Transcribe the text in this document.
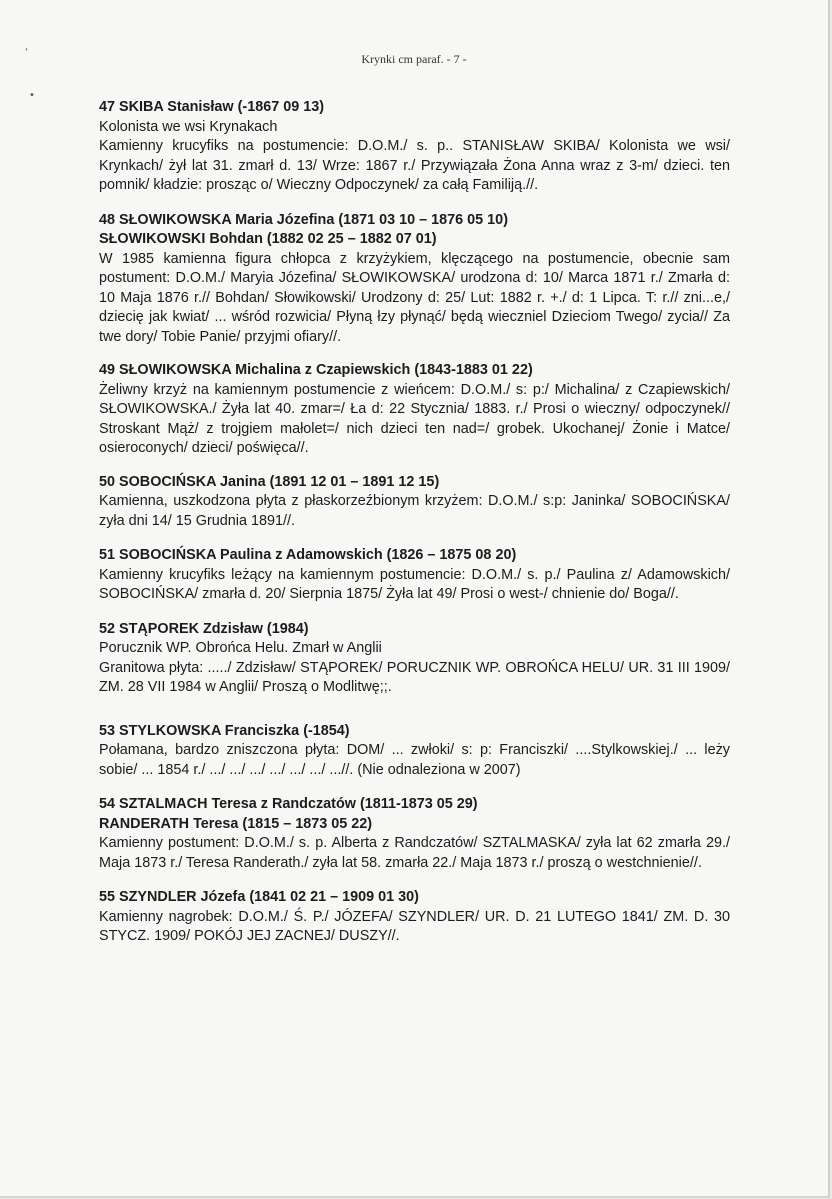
‘
•
Krynki cm paraf. - 7 -

47 SKIBA Stanisław (-1867 09 13)

Kolonista we wsi Krynakach

Kamienny krucyfiks na postumencie: D.O.M./ s. p.. STANISŁAW SKIBA/ Kolonista we wsi/ Krynkach/ żył lat 31. zmarł d. 13/ Wrze: 1867 r./ Przywiązała Żona Anna wraz z 3-m/ dzieci. ten pomnik/ kładzie: prosząc o/ Wieczny Odpoczynek/ za całą Familiją.//.

48 SŁOWIKOWSKA Maria Józefina (1871 03 10 – 1876 05 10)

SŁOWIKOWSKI Bohdan (1882 02 25 – 1882 07 01)

W 1985 kamienna figura chłopca z krzyżykiem, klęczącego na postumencie, obecnie sam postument: D.O.M./ Maryia Józefina/ SŁOWIKOWSKA/ urodzona d: 10/ Marca 1871 r./ Zmarła d: 10 Maja 1876 r.// Bohdan/ Słowikowski/ Urodzony d: 25/ Lut: 1882 r. +./ d: 1 Lipca. T: r.// zni...e,/ dziecię jak kwiat/ ... wśród rozwicia/ Płyną łzy płynąć/ będą wieczniel Dzieciom Twego/ zycia// Za twe dory/ Tobie Panie/ przyjmi ofiary//.

49 SŁOWIKOWSKA Michalina z Czapiewskich (1843-1883 01 22)

Żeliwny krzyż na kamiennym postumencie z wieńcem: D.O.M./ s: p:/ Michalina/ z Czapiewskich/ SŁOWIKOWSKA./ Żyła lat 40. zmar=/ Ła d: 22 Stycznia/ 1883. r./ Prosi o wieczny/ odpoczynek// Stroskant Mąż/ z trojgiem małolet=/ nich dzieci ten nad=/ grobek. Ukochanej/ Żonie i Matce/ osieroconych/ dzieci/ poświęca//.

50 SOBOCIŃSKA Janina (1891 12 01 – 1891 12 15)

Kamienna, uszkodzona płyta z płaskorzeźbionym krzyżem: D.O.M./ s:p: Janinka/ SOBOCIŃSKA/ zyła dni 14/ 15 Grudnia 1891//.

51 SOBOCIŃSKA Paulina z Adamowskich (1826 – 1875 08 20)

Kamienny krucyfiks leżący na kamiennym postumencie: D.O.M./ s. p./ Paulina z/ Adamowskich/ SOBOCIŃSKA/ zmarła d. 20/ Sierpnia 1875/ Żyła lat 49/ Prosi o west-/ chnienie do/ Boga//.

52 STĄPOREK Zdzisław (1984)

Porucznik WP. Obrońca Helu. Zmarł w Anglii

Granitowa płyta: ...../ Zdzisław/ STĄPOREK/ PORUCZNIK WP. OBROŃCA HELU/ UR. 31 III 1909/ ZM. 28 VII 1984 w Anglii/ Proszą o Modlitwę;;.

53 STYLKOWSKA Franciszka (-1854)

Połamana, bardzo zniszczona płyta: DOM/ ... zwłoki/ s: p: Franciszki/ ....Stylkowskiej./ ... leży sobie/ ... 1854 r./ .../ .../ .../ .../ .../ .../ ...//. (Nie odnaleziona w 2007)

54 SZTALMACH Teresa z Randczatów (1811-1873 05 29)

RANDERATH Teresa (1815 – 1873 05 22)

Kamienny postument: D.O.M./ s. p. Alberta z Randczatów/ SZTALMASKA/ zyła lat 62 zmarła 29./ Maja 1873 r./ Teresa Randerath./ zyła lat 58. zmarła 22./ Maja 1873 r./ proszą o westchnienie//.

55 SZYNDLER Józefa (1841 02 21 – 1909 01 30)

Kamienny nagrobek: D.O.M./ Ś. P./ JÓZEFA/ SZYNDLER/ UR. D. 21 LUTEGO 1841/ ZM. D. 30 STYCZ. 1909/ POKÓJ JEJ ZACNEJ/ DUSZY//.
